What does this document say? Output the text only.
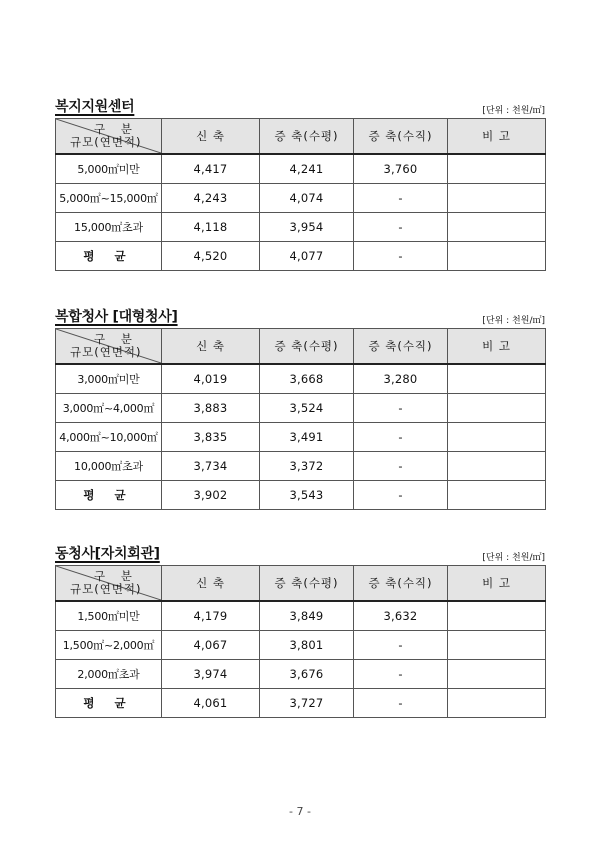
복지지원센터	[단위 : 천원/㎡]
구 분
규모(연면적)	신 축	증 축(수평)	증 축(수직)	비 고
5,000㎡미만	4,417	4,241	3,760	
5,000㎡~15,000㎡	4,243	4,074	-	
15,000㎡초과	4,118	3,954	-	
평 균	4,520	4,077	-	
복합청사 [대형청사]	[단위 : 천원/㎡]
구 분
규모(연면적)	신 축	증 축(수평)	증 축(수직)	비 고
3,000㎡미만	4,019	3,668	3,280	
3,000㎡~4,000㎡	3,883	3,524	-	
4,000㎡~10,000㎡	3,835	3,491	-	
10,000㎡초과	3,734	3,372	-	
평 균	3,902	3,543	-	
동청사[자치회관]	[단위 : 천원/㎡]
구 분
규모(연면적)	신 축	증 축(수평)	증 축(수직)	비 고
1,500㎡미만	4,179	3,849	3,632	
1,500㎡~2,000㎡	4,067	3,801	-	
2,000㎡초과	3,974	3,676	-	
평 균	4,061	3,727	-	
- 7 -
